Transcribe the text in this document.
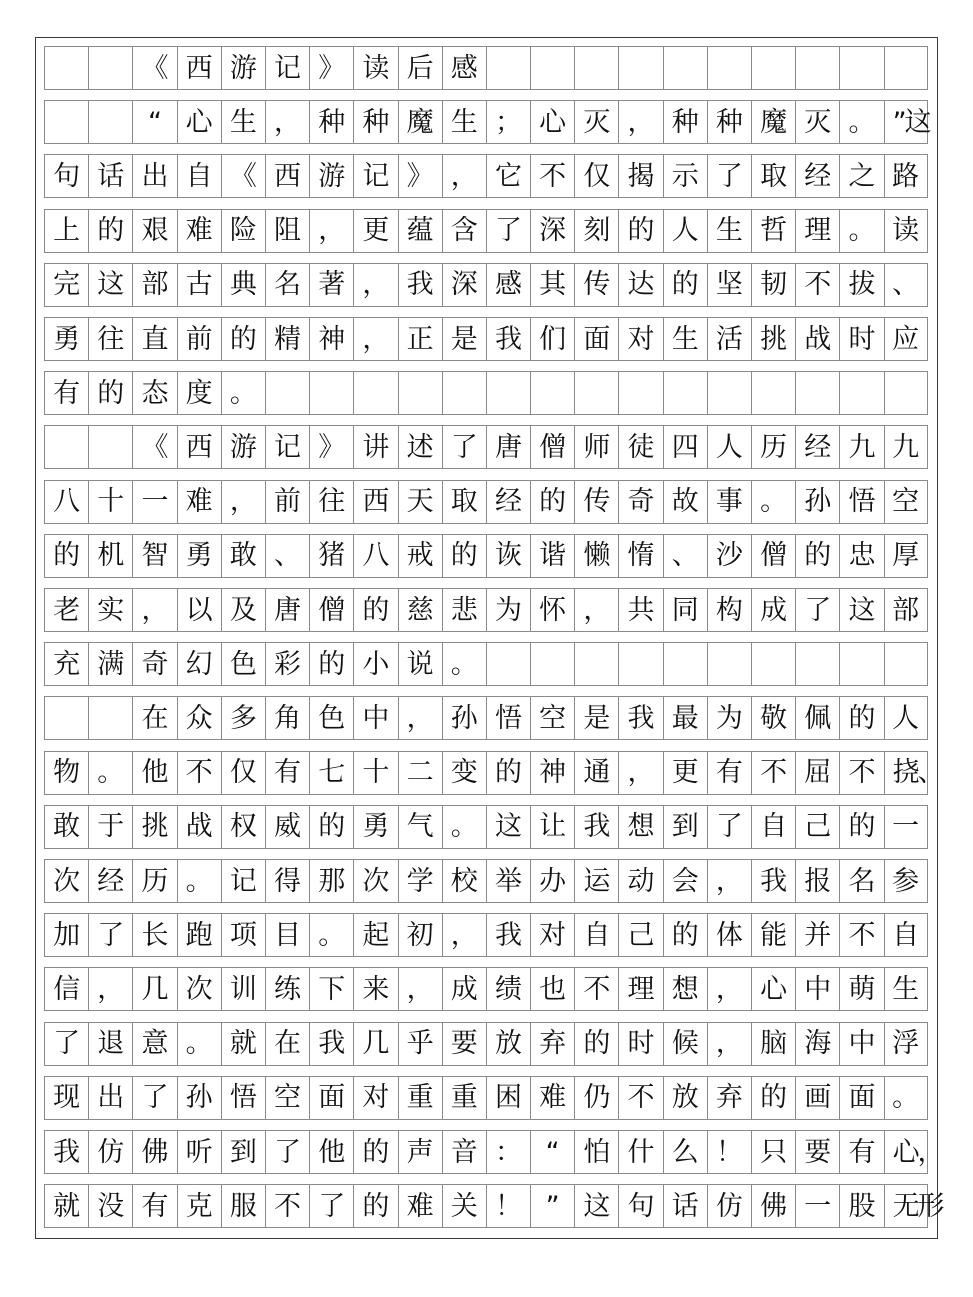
《 西 游 记 》 读 后 感
“ 心 生 ， 种 种 魔 生 ； 心 灭 ， 种 种 魔 灭 。 ”这
句 话 出 自 《 西 游 记 》 ， 它 不 仅 揭 示 了 取 经 之 路
上 的 艰 难 险 阻 ， 更 蕴 含 了 深 刻 的 人 生 哲 理 。 读
完 这 部 古 典 名 著 ， 我 深 感 其 传 达 的 坚 韧 不 拔 、
勇 往 直 前 的 精 神 ， 正 是 我 们 面 对 生 活 挑 战 时 应
有 的 态 度 。
《 西 游 记 》 讲 述 了 唐 僧 师 徒 四 人 历 经 九 九
八 十 一 难 ， 前 往 西 天 取 经 的 传 奇 故 事 。 孙 悟 空
的 机 智 勇 敢 、 猪 八 戒 的 诙 谐 懒 惰 、 沙 僧 的 忠 厚
老 实 ， 以 及 唐 僧 的 慈 悲 为 怀 ， 共 同 构 成 了 这 部
充 满 奇 幻 色 彩 的 小 说 。
在 众 多 角 色 中 ， 孙 悟 空 是 我 最 为 敬 佩 的 人
物 。 他 不 仅 有 七 十 二 变 的 神 通 ， 更 有 不 屈 不 挠、
敢 于 挑 战 权 威 的 勇 气 。 这 让 我 想 到 了 自 己 的 一
次 经 历 。 记 得 那 次 学 校 举 办 运 动 会 ， 我 报 名 参
加 了 长 跑 项 目 。 起 初 ， 我 对 自 己 的 体 能 并 不 自
信 ， 几 次 训 练 下 来 ， 成 绩 也 不 理 想 ， 心 中 萌 生
了 退 意 。 就 在 我 几 乎 要 放 弃 的 时 候 ， 脑 海 中 浮
现 出 了 孙 悟 空 面 对 重 重 困 难 仍 不 放 弃 的 画 面 。
我 仿 佛 听 到 了 他 的 声 音 ： “ 怕 什 么 ！ 只 要 有 心，
就 没 有 克 服 不 了 的 难 关 ！ ” 这 句 话 仿 佛 一 股 无形
